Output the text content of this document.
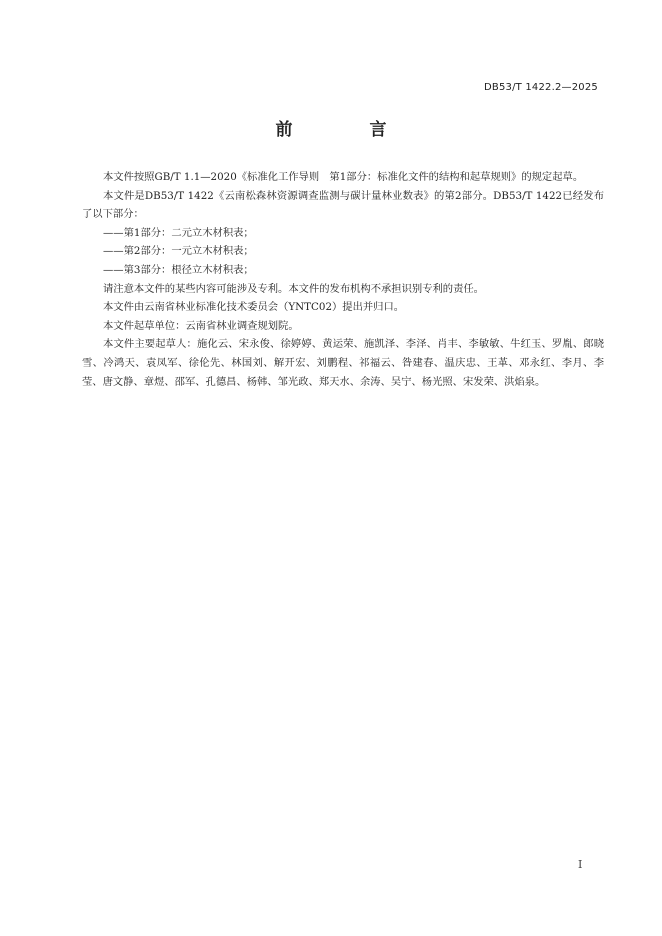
DB53/T 1422.2—2025
前　言

本文件按照GB/T 1.1—2020《标准化工作导则　第1部分：标准化文件的结构和起草规则》的规定起草。

本文件是DB53/T 1422《云南松森林资源调查监测与碳计量林业数表》的第2部分。DB53/T 1422已经发布了以下部分：

——第1部分：二元立木材积表；

——第2部分：一元立木材积表；

——第3部分：根径立木材积表；

请注意本文件的某些内容可能涉及专利。本文件的发布机构不承担识别专利的责任。

本文件由云南省林业标准化技术委员会（YNTC02）提出并归口。

本文件起草单位：云南省林业调查规划院。

本文件主要起草人：施化云、宋永俊、徐婷婷、黄运荣、施凯泽、李泽、肖丰、李敏敏、牛红玉、罗胤、郎晓雪、冷鸿天、袁凤军、徐伦先、林国刘、解开宏、刘鹏程、祁福云、昝建春、温庆忠、王革、邓永红、李月、李莹、唐文静、章煜、邵军、孔德昌、杨韩、邹光政、郑天水、余涛、吴宁、杨光照、宋发荣、洪焰泉。

I
